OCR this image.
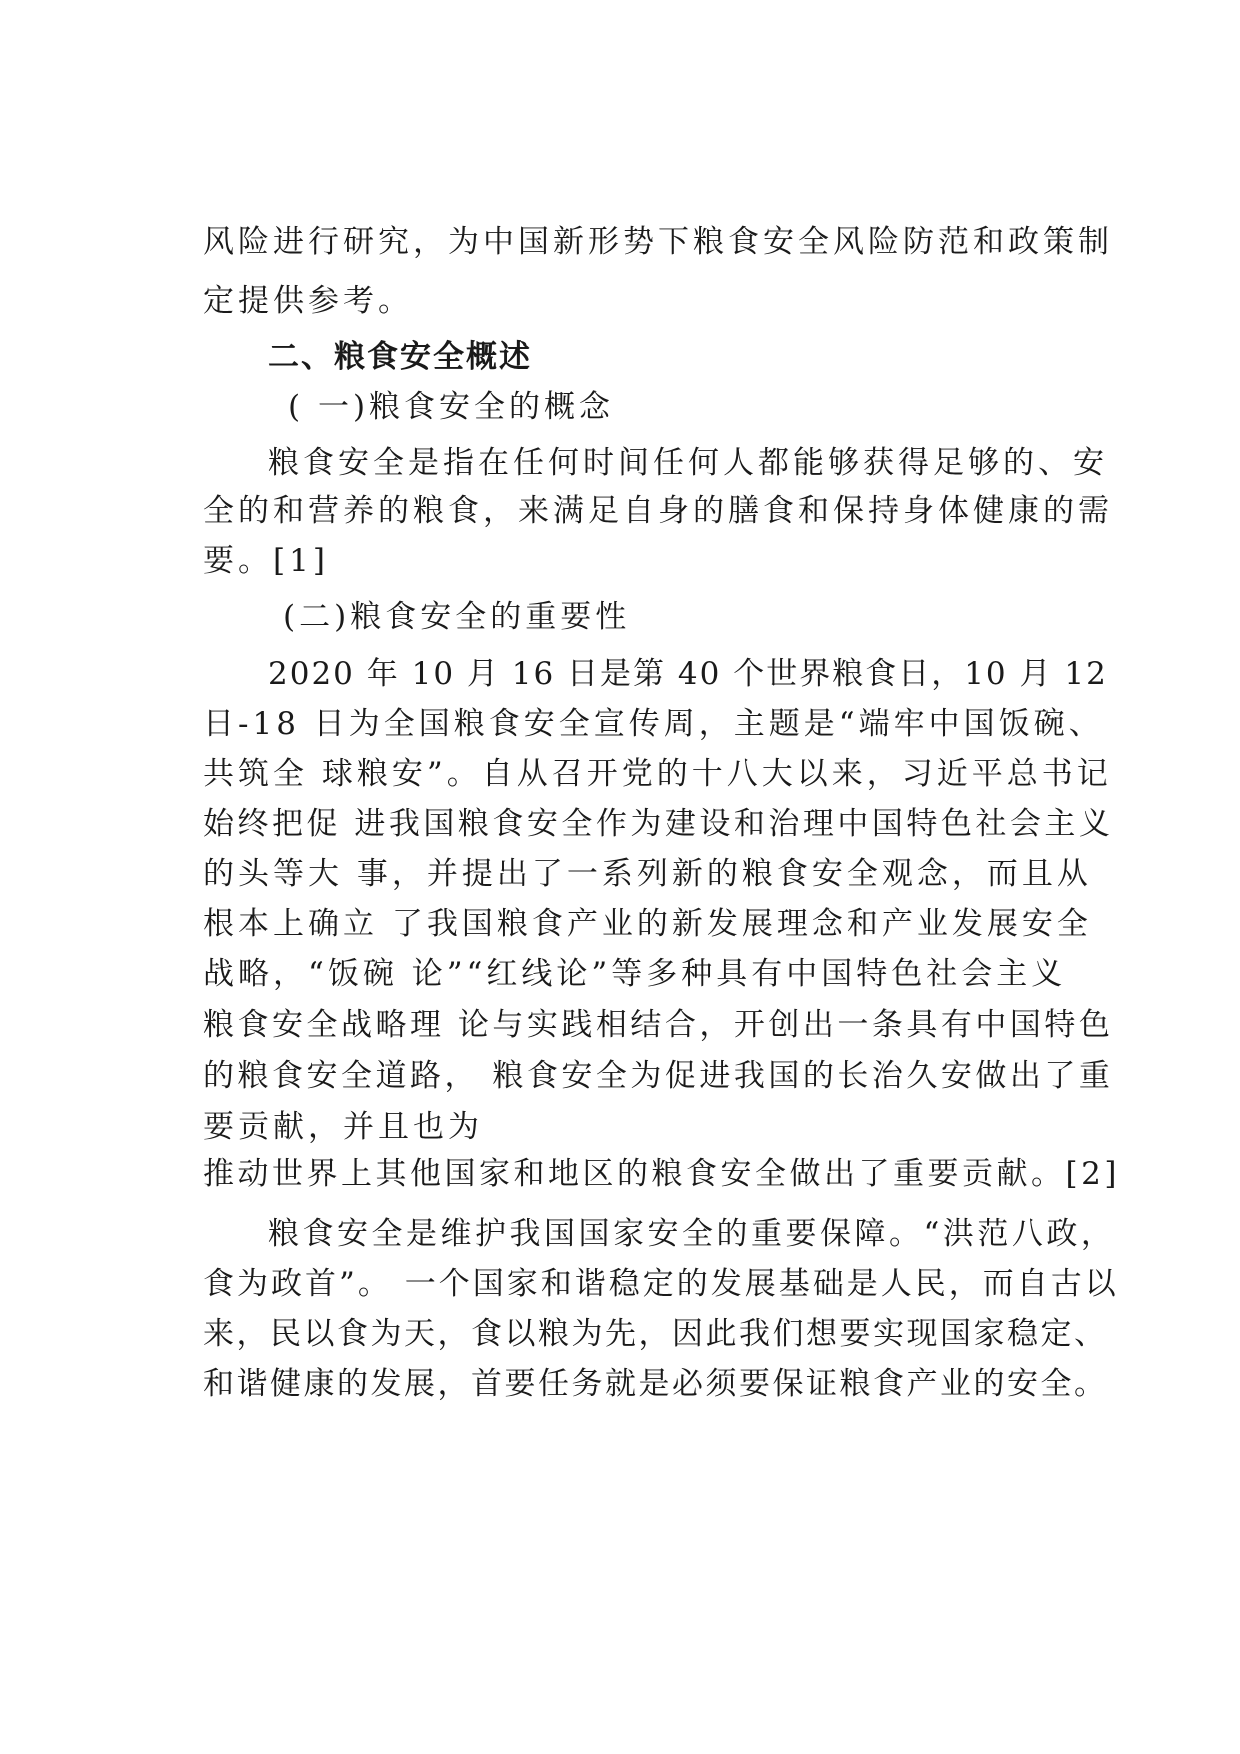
风险进行研究，为中国新形势下粮食安全风险防范和政策制

定提供参考。

二、粮食安全概述

( 一)粮食安全的概念

粮食安全是指在任何时间任何人都能够获得足够的、安

全的和营养的粮食，来满足自身的膳食和保持身体健康的需

要。[1]

(二)粮食安全的重要性

2020 年 10 月 16 日是第 40 个世界粮食日，10 月 12

日-18 日为全国粮食安全宣传周，主题是“端牢中国饭碗、

共筑全 球粮安”。自从召开党的十八大以来，习近平总书记

始终把促 进我国粮食安全作为建设和治理中国特色社会主义

的头等大 事，并提出了一系列新的粮食安全观念，而且从

根本上确立 了我国粮食产业的新发展理念和产业发展安全

战略，“饭碗 论”“红线论”等多种具有中国特色社会主义

粮食安全战略理 论与实践相结合，开创出一条具有中国特色

的粮食安全道路， 粮食安全为促进我国的长治久安做出了重

要贡献，并且也为

推动世界上其他国家和地区的粮食安全做出了重要贡献。[2]

粮食安全是维护我国国家安全的重要保障。“洪范八政，

食为政首”。 一个国家和谐稳定的发展基础是人民，而自古以

来，民以食为天，食以粮为先，因此我们想要实现国家稳定、

和谐健康的发展，首要任务就是必须要保证粮食产业的安全。
